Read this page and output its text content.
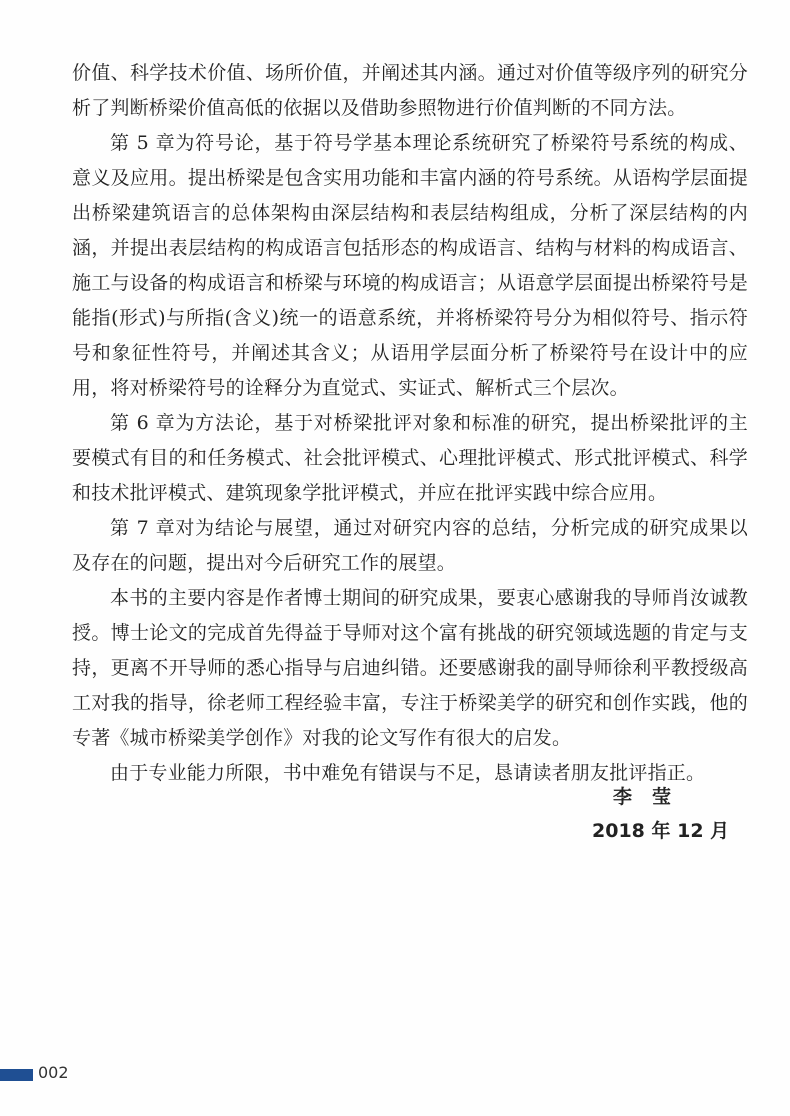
价值、科学技术价值、场所价值，并阐述其内涵。通过对价值等级序列的研究分析了判断桥梁价值高低的依据以及借助参照物进行价值判断的不同方法。

第 5 章为符号论，基于符号学基本理论系统研究了桥梁符号系统的构成、意义及应用。提出桥梁是包含实用功能和丰富内涵的符号系统。从语构学层面提出桥梁建筑语言的总体架构由深层结构和表层结构组成，分析了深层结构的内涵，并提出表层结构的构成语言包括形态的构成语言、结构与材料的构成语言、施工与设备的构成语言和桥梁与环境的构成语言；从语意学层面提出桥梁符号是能指(形式)与所指(含义)统一的语意系统，并将桥梁符号分为相似符号、指示符号和象征性符号，并阐述其含义；从语用学层面分析了桥梁符号在设计中的应用，将对桥梁符号的诠释分为直觉式、实证式、解析式三个层次。

第 6 章为方法论，基于对桥梁批评对象和标准的研究，提出桥梁批评的主要模式有目的和任务模式、社会批评模式、心理批评模式、形式批评模式、科学和技术批评模式、建筑现象学批评模式，并应在批评实践中综合应用。

第 7 章对为结论与展望，通过对研究内容的总结，分析完成的研究成果以及存在的问题，提出对今后研究工作的展望。

本书的主要内容是作者博士期间的研究成果，要衷心感谢我的导师肖汝诚教授。博士论文的完成首先得益于导师对这个富有挑战的研究领域选题的肯定与支持，更离不开导师的悉心指导与启迪纠错。还要感谢我的副导师徐利平教授级高工对我的指导，徐老师工程经验丰富，专注于桥梁美学的研究和创作实践，他的专著《城市桥梁美学创作》对我的论文写作有很大的启发。

由于专业能力所限，书中难免有错误与不足，恳请读者朋友批评指正。

李莹
2018 年 12 月
002
